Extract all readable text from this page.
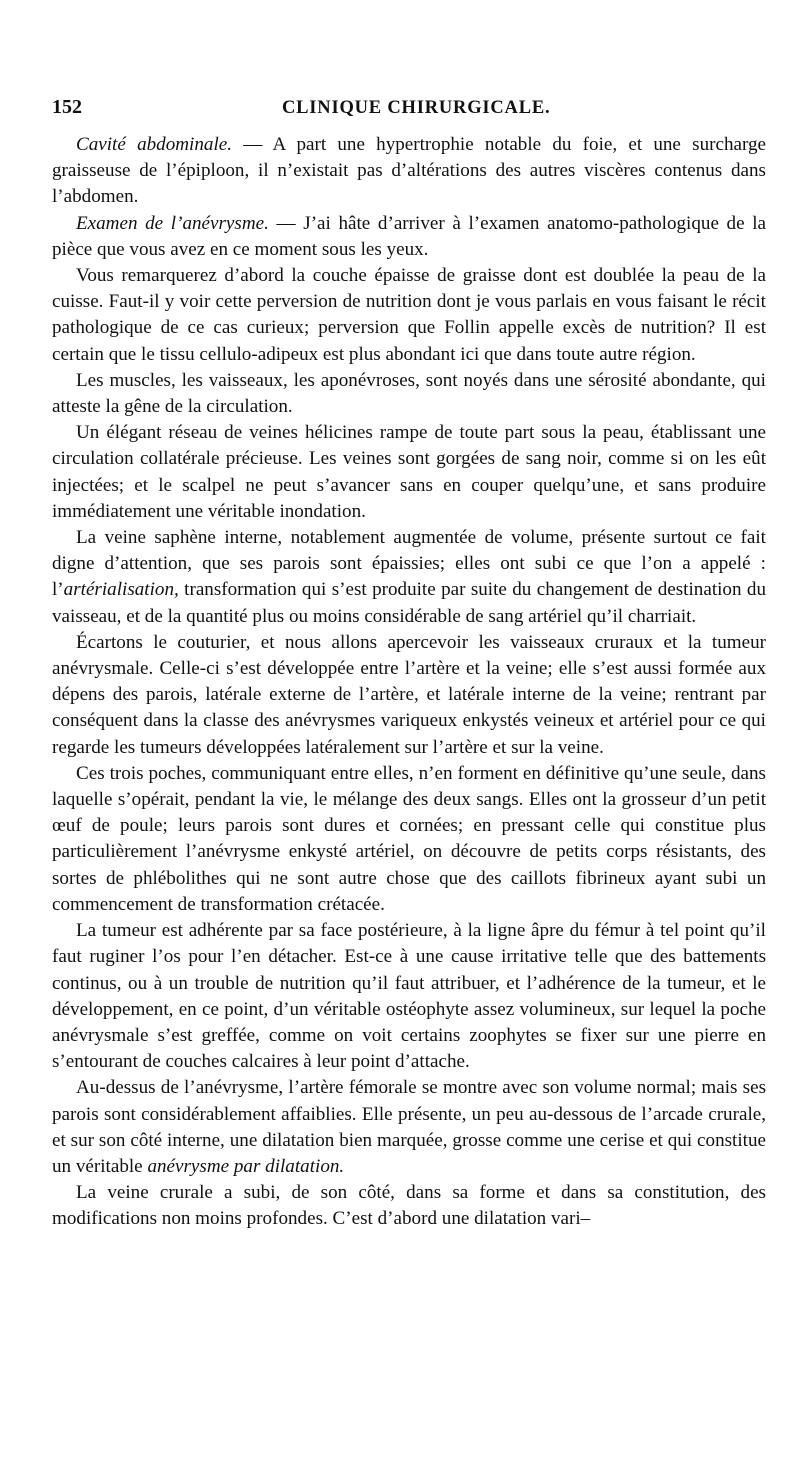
152	CLINIQUE CHIRURGICALE.

Cavité abdominale. — A part une hypertrophie notable du foie, et une surcharge graisseuse de l’épiploon, il n’existait pas d’altérations des autres viscères contenus dans l’abdomen.

Examen de l’anévrysme. — J’ai hâte d’arriver à l’examen anatomo-pathologique de la pièce que vous avez en ce moment sous les yeux.

Vous remarquerez d’abord la couche épaisse de graisse dont est doublée la peau de la cuisse. Faut-il y voir cette perversion de nutrition dont je vous parlais en vous faisant le récit pathologique de ce cas curieux; perversion que Follin appelle excès de nutrition? Il est certain que le tissu cellulo-adipeux est plus abondant ici que dans toute autre région.

Les muscles, les vaisseaux, les aponévroses, sont noyés dans une sérosité abondante, qui atteste la gêne de la circulation.

Un élégant réseau de veines hélicines rampe de toute part sous la peau, établissant une circulation collatérale précieuse. Les veines sont gorgées de sang noir, comme si on les eût injectées; et le scalpel ne peut s’avancer sans en couper quelqu’une, et sans produire immédiatement une véritable inondation.

La veine saphène interne, notablement augmentée de volume, présente surtout ce fait digne d’attention, que ses parois sont épaissies; elles ont subi ce que l’on a appelé : l’artérialisation, transformation qui s’est produite par suite du changement de destination du vaisseau, et de la quantité plus ou moins considérable de sang artériel qu’il charriait.

Écartons le couturier, et nous allons apercevoir les vaisseaux cruraux et la tumeur anévrysmale. Celle-ci s’est développée entre l’artère et la veine; elle s’est aussi formée aux dépens des parois, latérale externe de l’artère, et latérale interne de la veine; rentrant par conséquent dans la classe des anévrysmes variqueux enkystés veineux et artériel pour ce qui regarde les tumeurs développées latéralement sur l’artère et sur la veine.

Ces trois poches, communiquant entre elles, n’en forment en définitive qu’une seule, dans laquelle s’opérait, pendant la vie, le mélange des deux sangs. Elles ont la grosseur d’un petit œuf de poule; leurs parois sont dures et cornées; en pressant celle qui constitue plus particulièrement l’anévrysme enkysté artériel, on découvre de petits corps résistants, des sortes de phlébolithes qui ne sont autre chose que des caillots fibrineux ayant subi un commencement de transformation crétacée.

La tumeur est adhérente par sa face postérieure, à la ligne âpre du fémur à tel point qu’il faut ruginer l’os pour l’en détacher. Est-ce à une cause irritative telle que des battements continus, ou à un trouble de nutrition qu’il faut attribuer, et l’adhérence de la tumeur, et le développement, en ce point, d’un véritable ostéophyte assez volumineux, sur lequel la poche anévrysmale s’est greffée, comme on voit certains zoophytes se fixer sur une pierre en s’entourant de couches calcaires à leur point d’attache.

Au-dessus de l’anévrysme, l’artère fémorale se montre avec son volume normal; mais ses parois sont considérablement affaiblies. Elle présente, un peu au-dessous de l’arcade crurale, et sur son côté interne, une dilatation bien marquée, grosse comme une cerise et qui constitue un véritable anévrysme par dilatation.

La veine crurale a subi, de son côté, dans sa forme et dans sa constitution, des modifications non moins profondes. C’est d’abord une dilatation vari–
